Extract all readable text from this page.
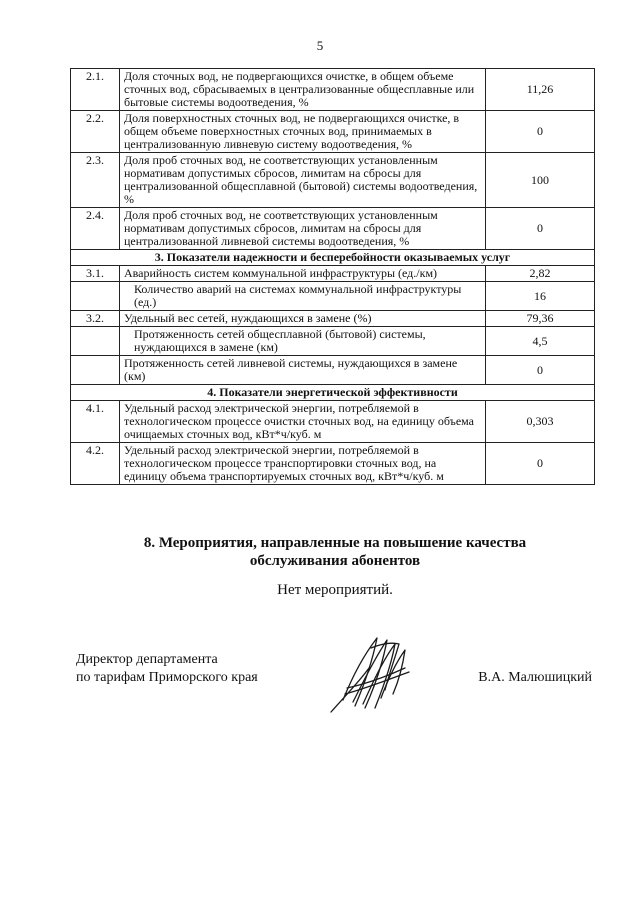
5
2.1.	Доля сточных вод, не подвергающихся очистке, в общем объеме сточных вод, сбрасываемых в централизованные общесплавные или бытовые системы водоотведения, %	11,26
2.2.	Доля поверхностных сточных вод, не подвергающихся очистке, в общем объеме поверхностных сточных вод, принимаемых в централизованную ливневую систему водоотведения, %	0
2.3.	Доля проб сточных вод, не соответствующих установленным нормативам допустимых сбросов, лимитам на сбросы для централизованной общесплавной (бытовой) системы водоотведения, %	100
2.4.	Доля проб сточных вод, не соответствующих установленным нормативам допустимых сбросов, лимитам на сбросы для централизованной ливневой системы водоотведения, %	0
3. Показатели надежности и бесперебойности оказываемых услуг		
3.1.	Аварийность систем коммунальной инфраструктуры (ед./км)	2,82
	Количество аварий на системах коммунальной инфраструктуры (ед.)	16
3.2.	Удельный вес сетей, нуждающихся в замене (%)	79,36
	Протяженность сетей общесплавной (бытовой) системы, нуждающихся в замене (км)	4,5
	Протяженность сетей ливневой системы, нуждающихся в замене (км)	0
4. Показатели энергетической эффективности		
4.1.	Удельный расход электрической энергии, потребляемой в технологическом процессе очистки сточных вод, на единицу объема очищаемых сточных вод, кВт*ч/куб. м	0,303
4.2.	Удельный расход электрической энергии, потребляемой в технологическом процессе транспортировки сточных вод, на единицу объема транспортируемых сточных вод, кВт*ч/куб. м	0
8. Мероприятия, направленные на повышение качества обслуживания абонентов
Нет мероприятий.
Директор департамента
по тарифам Приморского края	В.А. Малюшицкий
